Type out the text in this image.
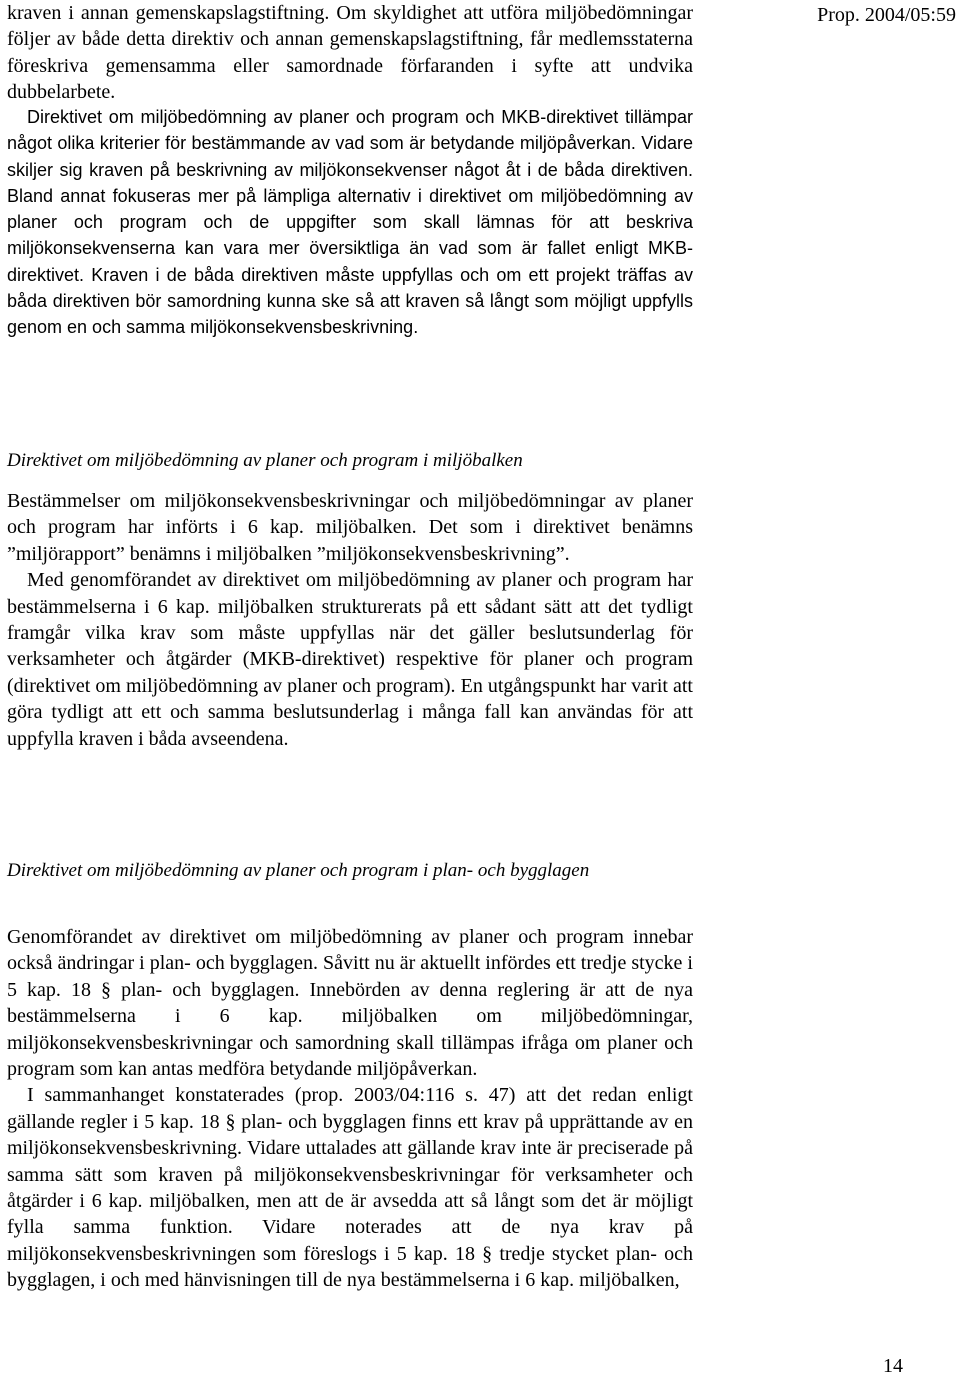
Prop. 2004/05:59

kraven i annan gemenskapslagstiftning. Om skyldighet att utföra miljöbedömningar följer av både detta direktiv och annan gemenskapslagstiftning, får medlemsstaterna föreskriva gemensamma eller samordnade förfaranden i syfte att undvika dubbelarbete.

Direktivet om miljöbedömning av planer och program och MKB-direktivet tillämpar något olika kriterier för bestämmande av vad som är betydande miljöpåverkan. Vidare skiljer sig kraven på beskrivning av miljökonsekvenser något åt i de båda direktiven. Bland annat fokuseras mer på lämpliga alternativ i direktivet om miljöbedömning av planer och program och de uppgifter som skall lämnas för att beskriva miljökonsekvenserna kan vara mer översiktliga än vad som är fallet enligt MKB-direktivet. Kraven i de båda direktiven måste uppfyllas och om ett projekt träffas av båda direktiven bör samordning kunna ske så att kraven så långt som möjligt uppfylls genom en och samma miljökonsekvensbeskrivning.

Direktivet om miljöbedömning av planer och program i miljöbalken

Bestämmelser om miljökonsekvensbeskrivningar och miljöbedömningar av planer och program har införts i 6 kap. miljöbalken. Det som i direktivet benämns ”miljörapport” benämns i miljöbalken ”miljökonsekvensbeskrivning”.

Med genomförandet av direktivet om miljöbedömning av planer och program har bestämmelserna i 6 kap. miljöbalken strukturerats på ett sådant sätt att det tydligt framgår vilka krav som måste uppfyllas när det gäller beslutsunderlag för verksamheter och åtgärder (MKB-direktivet) respektive för planer och program (direktivet om miljöbedömning av planer och program). En utgångspunkt har varit att göra tydligt att ett och samma beslutsunderlag i många fall kan användas för att uppfylla kraven i båda avseendena.

Direktivet om miljöbedömning av planer och program i plan- och bygglagen

Genomförandet av direktivet om miljöbedömning av planer och program innebar också ändringar i plan- och bygglagen. Såvitt nu är aktuellt infördes ett tredje stycke i 5 kap. 18 § plan- och bygglagen. Innebörden av denna reglering är att de nya bestämmelserna i 6 kap. miljöbalken om miljöbedömningar, miljökonsekvensbeskrivningar och samordning skall tillämpas ifråga om planer och program som kan antas medföra betydande miljöpåverkan.

I sammanhanget konstaterades (prop. 2003/04:116 s. 47) att det redan enligt gällande regler i 5 kap. 18 § plan- och bygglagen finns ett krav på upprättande av en miljökonsekvensbeskrivning. Vidare uttalades att gällande krav inte är preciserade på samma sätt som kraven på miljökonsekvensbeskrivningar för verksamheter och åtgärder i 6 kap. miljöbalken, men att de är avsedda att så långt som det är möjligt fylla samma funktion. Vidare noterades att de nya krav på miljökonsekvensbeskrivningen som föreslogs i 5 kap. 18 § tredje stycket plan- och bygglagen, i och med hänvisningen till de nya bestämmelserna i 6 kap. miljöbalken,

14
